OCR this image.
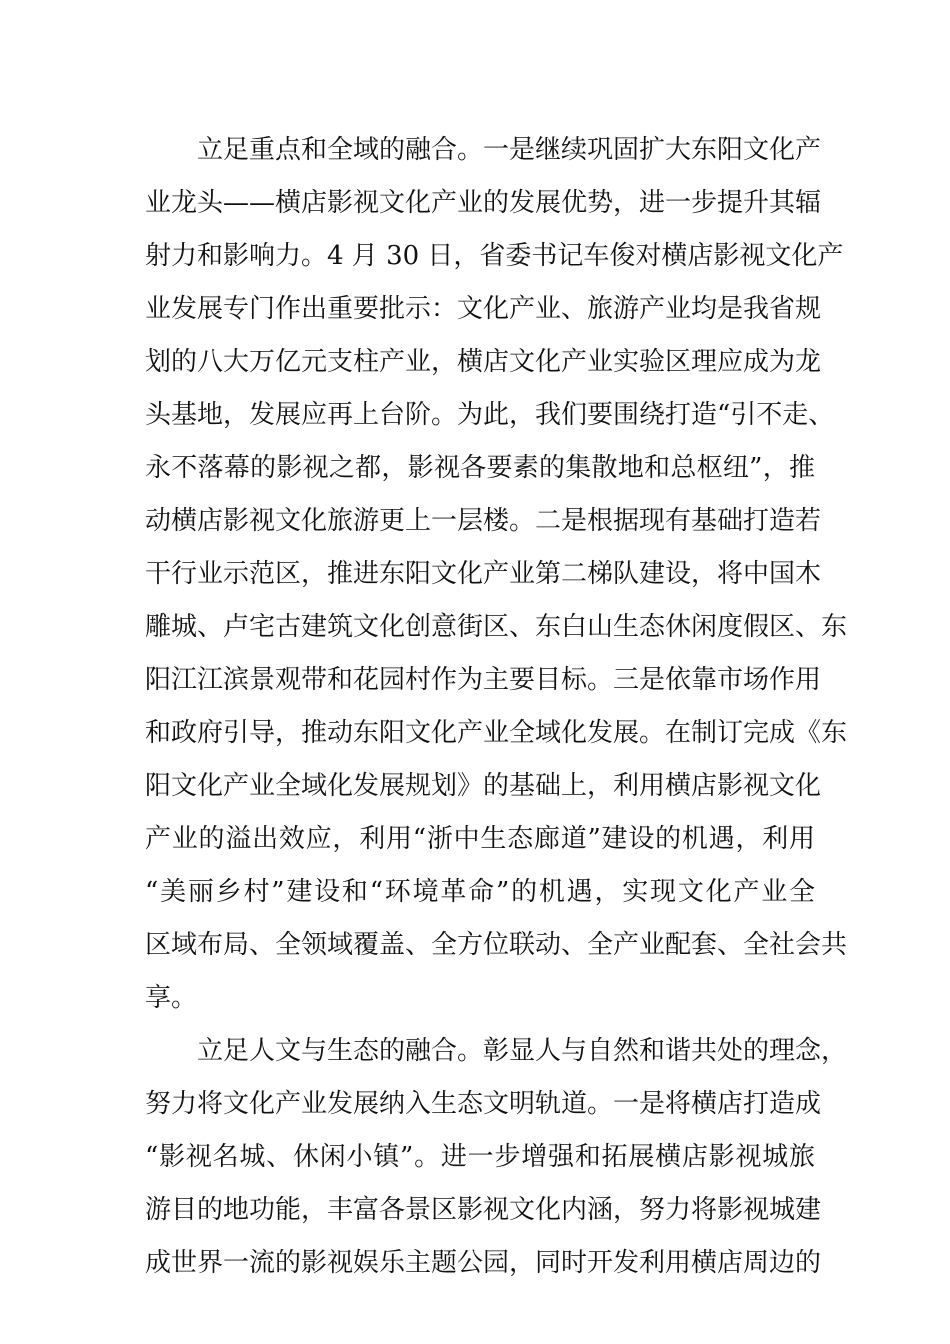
立足重点和全域的融合。一是继续巩固扩大东阳文化产
业龙头——横店影视文化产业的发展优势，进一步提升其辐
射力和影响力。4 月 30 日，省委书记车俊对横店影视文化产
业发展专门作出重要批示：文化产业、旅游产业均是我省规
划的八大万亿元支柱产业，横店文化产业实验区理应成为龙
头基地，发展应再上台阶。为此，我们要围绕打造“引不走、
永不落幕的影视之都，影视各要素的集散地和总枢纽”，推
动横店影视文化旅游更上一层楼。二是根据现有基础打造若
干行业示范区，推进东阳文化产业第二梯队建设，将中国木
雕城、卢宅古建筑文化创意街区、东白山生态休闲度假区、东
阳江江滨景观带和花园村作为主要目标。三是依靠市场作用
和政府引导，推动东阳文化产业全域化发展。在制订完成《东
阳文化产业全域化发展规划》的基础上，利用横店影视文化
产业的溢出效应，利用“浙中生态廊道”建设的机遇，利用
“美丽乡村”建设和“环境革命”的机遇，实现文化产业全
区域布局、全领域覆盖、全方位联动、全产业配套、全社会共
享。
立足人文与生态的融合。彰显人与自然和谐共处的理念，
努力将文化产业发展纳入生态文明轨道。一是将横店打造成
“影视名城、休闲小镇”。进一步增强和拓展横店影视城旅
游目的地功能，丰富各景区影视文化内涵，努力将影视城建
成世界一流的影视娱乐主题公园，同时开发利用横店周边的
